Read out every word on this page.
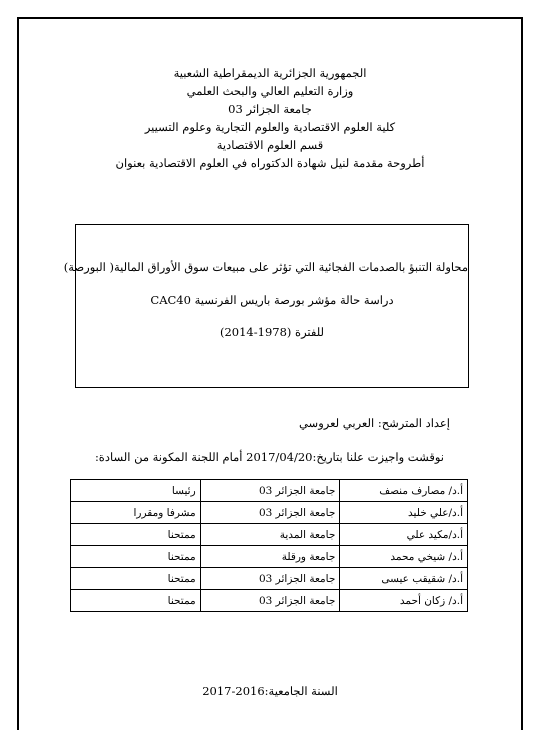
الجمهورية الجزائرية الديمقراطية الشعبية
وزارة التعليم العالي والبحث العلمي
جامعة الجزائر 03
كلية العلوم الاقتصادية والعلوم التجارية وعلوم التسيير
قسم العلوم الاقتصادية
أطروحة مقدمة لنيل شهادة الدكتوراه في العلوم الاقتصادية بعنوان
محاولة التنبؤ بالصدمات الفجائية التي تؤثر على مبيعات سوق الأوراق المالية( البورصة)
دراسة حالة مؤشر بورصة باريس الفرنسية CAC40
للفترة (1978-2014)
إعداد المترشح: العربي لعروسي
نوقشت واجيزت علنا بتاريخ:2017/04/20 أمام اللجنة المكونة من السادة:
أ.د/ مصارف منصف	جامعة الجزائر 03	رئيسا
أ.د/علي خليد	جامعة الجزائر 03	مشرفا ومقررا
أ.د/مكيد علي	جامعة المدية	ممتحنا
أ.د/ شيخي محمد	جامعة ورقلة	ممتحنا
أ.د/ شقيقب عيسى	جامعة الجزائر 03	ممتحنا
أ.د/ زكان أحمد	جامعة الجزائر 03	ممتحنا
السنة الجامعية:2016-2017
